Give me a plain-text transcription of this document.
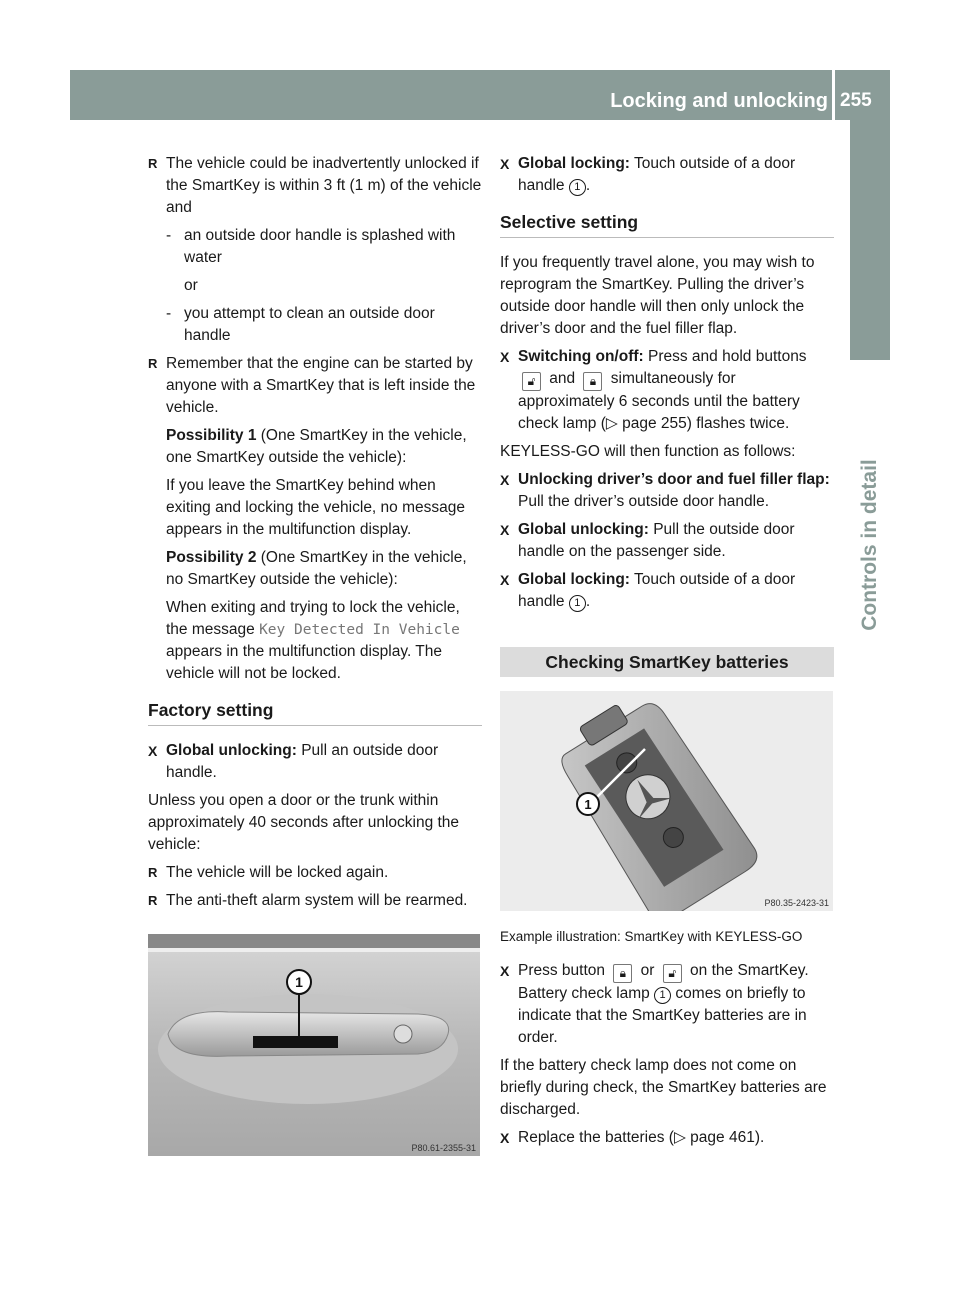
Locking and unlocking 255
Controls in detail
R The vehicle could be inadvertently unlocked if the SmartKey is within 3 ft (1 m) of the vehicle and
- an outside door handle is splashed with water
or
- you attempt to clean an outside door handle
R Remember that the engine can be started by anyone with a SmartKey that is left inside the vehicle.

Possibility 1 (One SmartKey in the vehicle, one SmartKey outside the vehicle):

If you leave the SmartKey behind when exiting and locking the vehicle, no message appears in the multifunction display.

Possibility 2 (One SmartKey in the vehicle, no SmartKey outside the vehicle):

When exiting and trying to lock the vehicle, the message Key Detected In Vehicle appears in the multifunction display. The vehicle will not be locked.

Factory setting
X Global unlocking: Pull an outside door handle.

Unless you open a door or the trunk within approximately 40 seconds after unlocking the vehicle:

R The vehicle will be locked again.
R The anti-theft alarm system will be rearmed.
1
P80.61-2355-31
X Global locking: Touch outside of a door handle 1 .
Selective setting

If you frequently travel alone, you may wish to reprogram the SmartKey. Pulling the driver’s outside door handle will then only unlock the driver’s door and the fuel filler flap.

X Switching on/off: Press and hold buttons 🔓︎ and 🔒︎ simultaneously for approximately 6 seconds until the battery check lamp (▷ page 255) flashes twice.

KEYLESS-GO will then function as follows:

X Unlocking driver’s door and fuel filler flap: Pull the driver’s outside door handle.
X Global unlocking: Pull the outside door handle on the passenger side.
X Global locking: Touch outside of a door handle 1 .
Checking SmartKey batteries
1
P80.35-2423-31
Example illustration: SmartKey with KEYLESS-GO
X Press button 🔒︎ or 🔓︎ on the SmartKey.
Battery check lamp 1 comes on briefly to indicate that the SmartKey batteries are in order.

If the battery check lamp does not come on briefly during check, the SmartKey batteries are discharged.

X Replace the batteries (▷ page 461).
